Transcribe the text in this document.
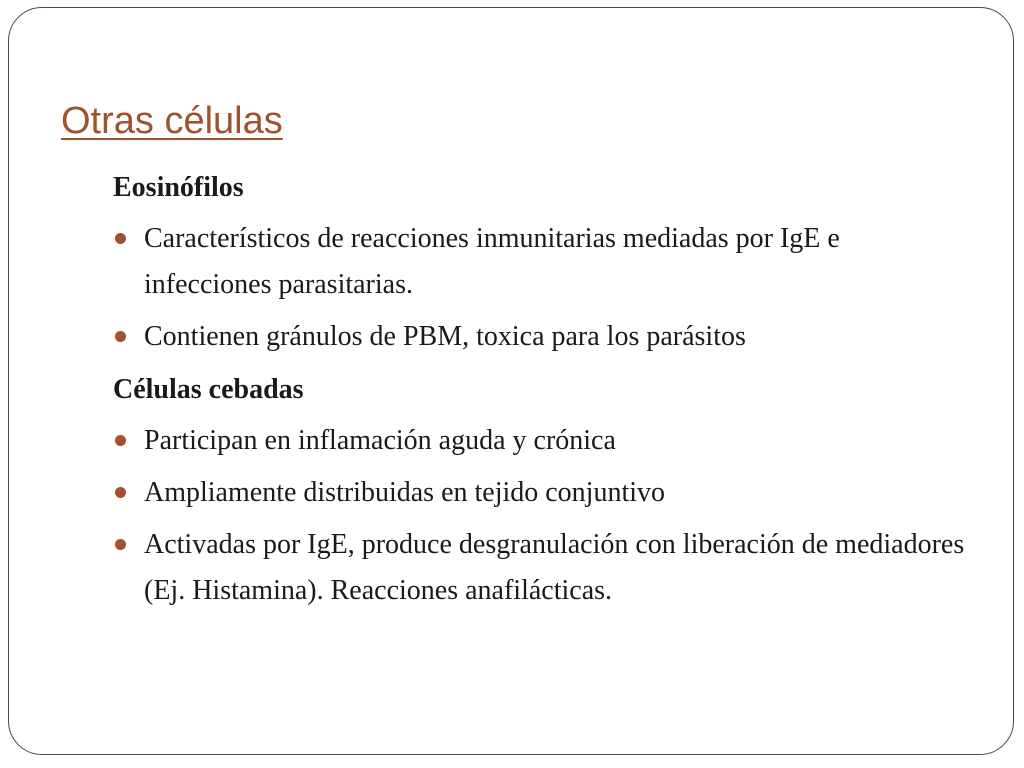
Otras células
Eosinófilos
Característicos de reacciones inmunitarias mediadas por IgE e infecciones parasitarias.
Contienen gránulos de PBM, toxica para los parásitos
Células cebadas
Participan en inflamación aguda y crónica
Ampliamente distribuidas en tejido conjuntivo
Activadas por IgE, produce desgranulación con liberación de mediadores (Ej. Histamina). Reacciones anafilácticas.
